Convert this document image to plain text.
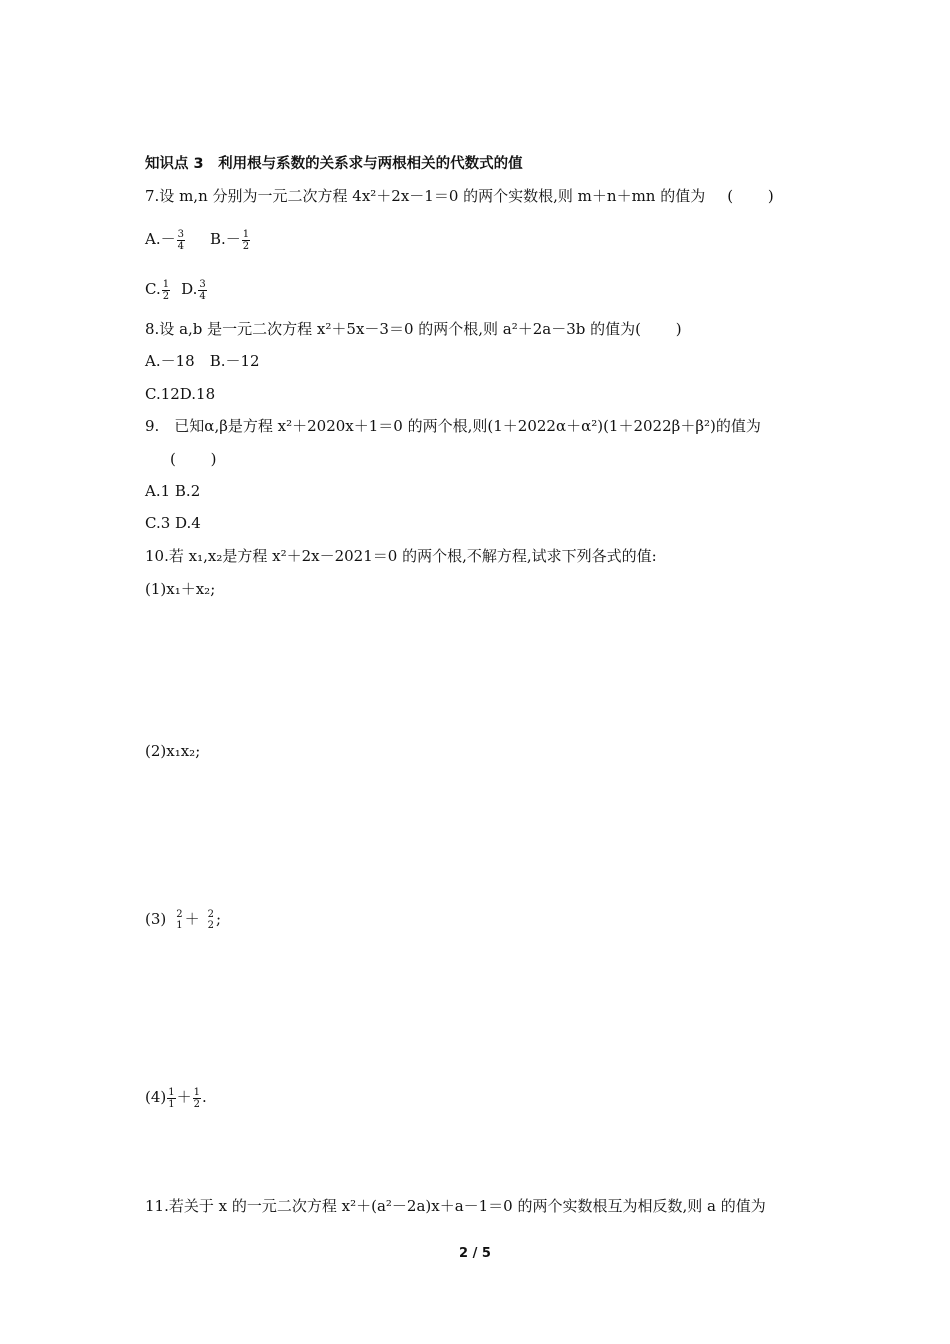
知识点 3　利用根与系数的关系求与两根相关的代数式的值
7.设 m,n 分别为一元二次方程 4x²＋2x－1＝0 的两个实数根,则 m＋n＋mn 的值为 (　　 )
$A.- \frac{3}{4} B.- \frac{1}{2}$
C. $\frac{1}{2} D$. $\frac{3}{4}$
8.设 a,b 是一元二次方程 x²＋5x－3＝0 的两个根,则 a²＋2a－3b 的值为(　　 )
A.－18　B.－12
C.12D.18
9.　已知α,β是方程 x²＋2020x＋1＝0 的两个根,则(1＋2022α＋α²)(1＋2022β＋β²)的值为
(　　 )
A.1 B.2
C.3 D.4
10.若 x₁,x₂是方程 x²＋2x－2021＝0 的两个根,不解方程,试求下列各式的值:
(1)x₁＋x₂;
(2)x₁x₂;
(3) 2
1 ＋ 2
2 ;
$(4) \frac{1}{1} + \frac{1}{2}$ .
11.若关于 x 的一元二次方程 x²＋(a²－2a)x＋a－1＝0 的两个实数根互为相反数,则 a 的值为
2 / 5
